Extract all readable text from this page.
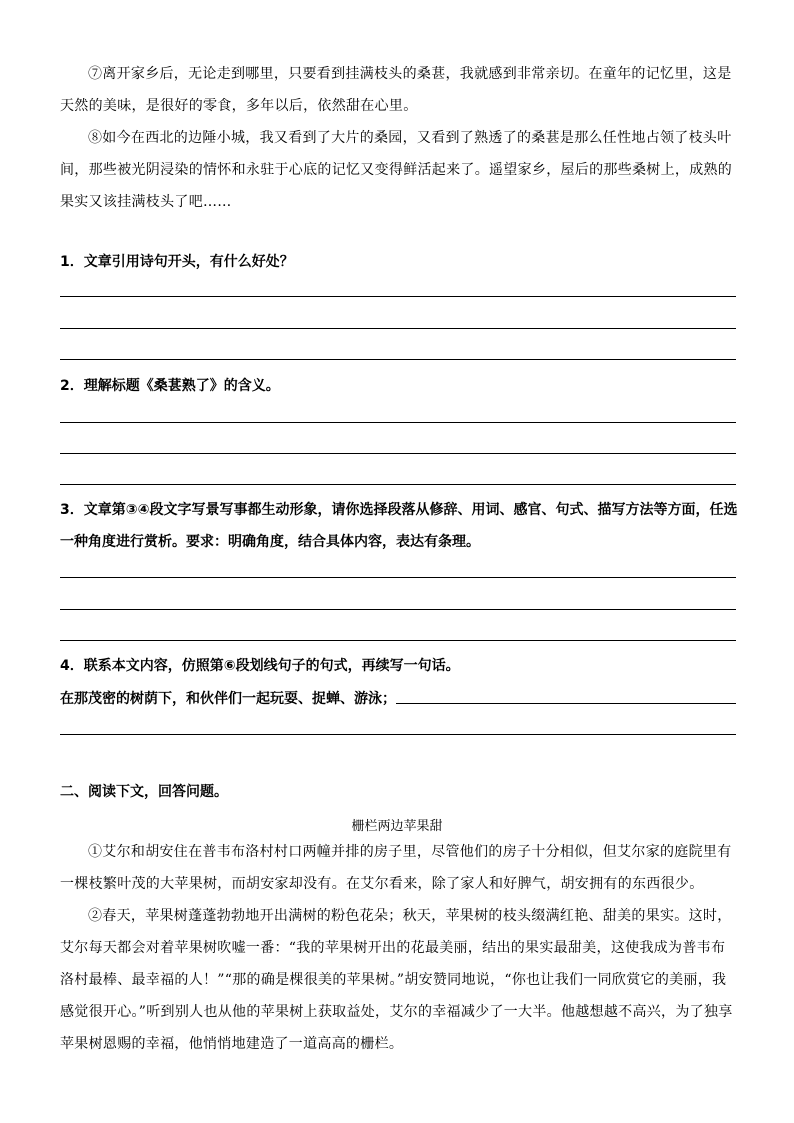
⑦离开家乡后，无论走到哪里，只要看到挂满枝头的桑葚，我就感到非常亲切。在童年的记忆里，这是天然的美味，是很好的零食，多年以后，依然甜在心里。

⑧如今在西北的边陲小城，我又看到了大片的桑园，又看到了熟透了的桑葚是那么任性地占领了枝头叶间，那些被光阴浸染的情怀和永驻于心底的记忆又变得鲜活起来了。遥望家乡，屋后的那些桑树上，成熟的果实又该挂满枝头了吧……

1．文章引用诗句开头，有什么好处？

2．理解标题《桑葚熟了》的含义。

3．文章第③④段文字写景写事都生动形象，请你选择段落从修辞、用词、感官、句式、描写方法等方面，任选一种角度进行赏析。要求：明确角度，结合具体内容，表达有条理。

4．联系本文内容，仿照第⑥段划线句子的句式，再续写一句话。

在那茂密的树荫下，和伙伴们一起玩耍、捉蝉、游泳；

二、阅读下文，回答问题。

栅栏两边苹果甜

①艾尔和胡安住在普韦布洛村村口两幢并排的房子里，尽管他们的房子十分相似，但艾尔家的庭院里有一棵枝繁叶茂的大苹果树，而胡安家却没有。在艾尔看来，除了家人和好脾气，胡安拥有的东西很少。

②春天，苹果树蓬蓬勃勃地开出满树的粉色花朵；秋天，苹果树的枝头缀满红艳、甜美的果实。这时，艾尔每天都会对着苹果树吹嘘一番：“我的苹果树开出的花最美丽，结出的果实最甜美，这使我成为普韦布洛村最棒、最幸福的人！”“那的确是棵很美的苹果树。”胡安赞同地说，“你也让我们一同欣赏它的美丽，我感觉很开心。”听到别人也从他的苹果树上获取益处，艾尔的幸福减少了一大半。他越想越不高兴，为了独享苹果树恩赐的幸福，他悄悄地建造了一道高高的栅栏。
